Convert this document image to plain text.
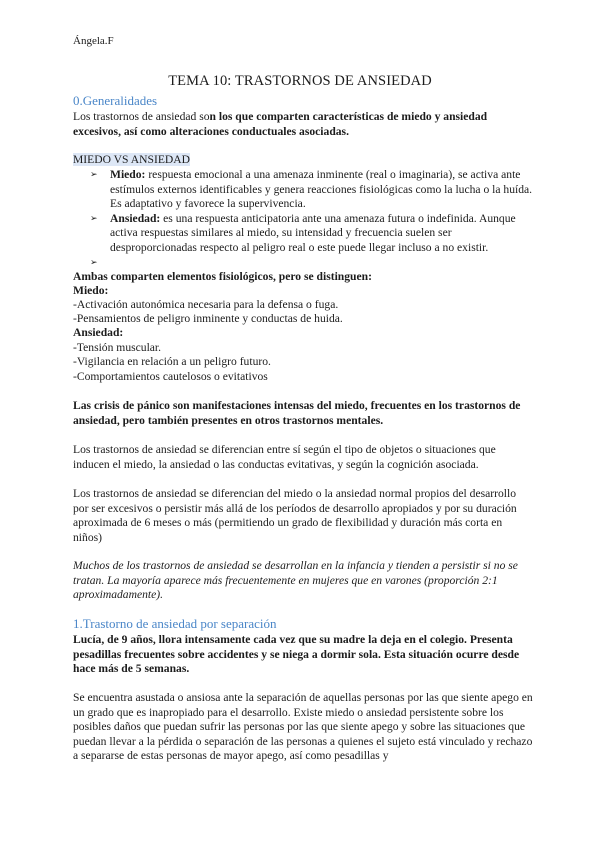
Ángela.F
TEMA 10: TRASTORNOS DE ANSIEDAD
0.Generalidades

Los trastornos de ansiedad son los que comparten características de miedo y ansiedad excesivos, así como alteraciones conductuales asociadas.

MIEDO VS ANSIEDAD
➢ Miedo: respuesta emocional a una amenaza inminente (real o imaginaria), se activa ante estímulos externos identificables y genera reacciones fisiológicas como la lucha o la huída. Es adaptativo y favorece la supervivencia.
➢ Ansiedad: es una respuesta anticipatoria ante una amenaza futura o indefinida. Aunque activa respuestas similares al miedo, su intensidad y frecuencia suelen ser desproporcionadas respecto al peligro real o este puede llegar incluso a no existir.
➢

Ambas comparten elementos fisiológicos, pero se distinguen:

Miedo:

-Activación autonómica necesaria para la defensa o fuga.

-Pensamientos de peligro inminente y conductas de huida.

Ansiedad:

-Tensión muscular.

-Vigilancia en relación a un peligro futuro.

-Comportamientos cautelosos o evitativos

Las crisis de pánico son manifestaciones intensas del miedo, frecuentes en los trastornos de ansiedad, pero también presentes en otros trastornos mentales.

Los trastornos de ansiedad se diferencian entre sí según el tipo de objetos o situaciones que inducen el miedo, la ansiedad o las conductas evitativas, y según la cognición asociada.

Los trastornos de ansiedad se diferencian del miedo o la ansiedad normal propios del desarrollo por ser excesivos o persistir más allá de los períodos de desarrollo apropiados y por su duración aproximada de 6 meses o más (permitiendo un grado de flexibilidad y duración más corta en niños)

Muchos de los trastornos de ansiedad se desarrollan en la infancia y tienden a persistir si no se tratan. La mayoría aparece más frecuentemente en mujeres que en varones (proporción 2:1 aproximadamente).

1.Trastorno de ansiedad por separación

Lucía, de 9 años, llora intensamente cada vez que su madre la deja en el colegio. Presenta pesadillas frecuentes sobre accidentes y se niega a dormir sola. Esta situación ocurre desde hace más de 5 semanas.

Se encuentra asustada o ansiosa ante la separación de aquellas personas por las que siente apego en un grado que es inapropiado para el desarrollo. Existe miedo o ansiedad persistente sobre los posibles daños que puedan sufrir las personas por las que siente apego y sobre las situaciones que puedan llevar a la pérdida o separación de las personas a quienes el sujeto está vinculado y rechazo a separarse de estas personas de mayor apego, así como pesadillas y
